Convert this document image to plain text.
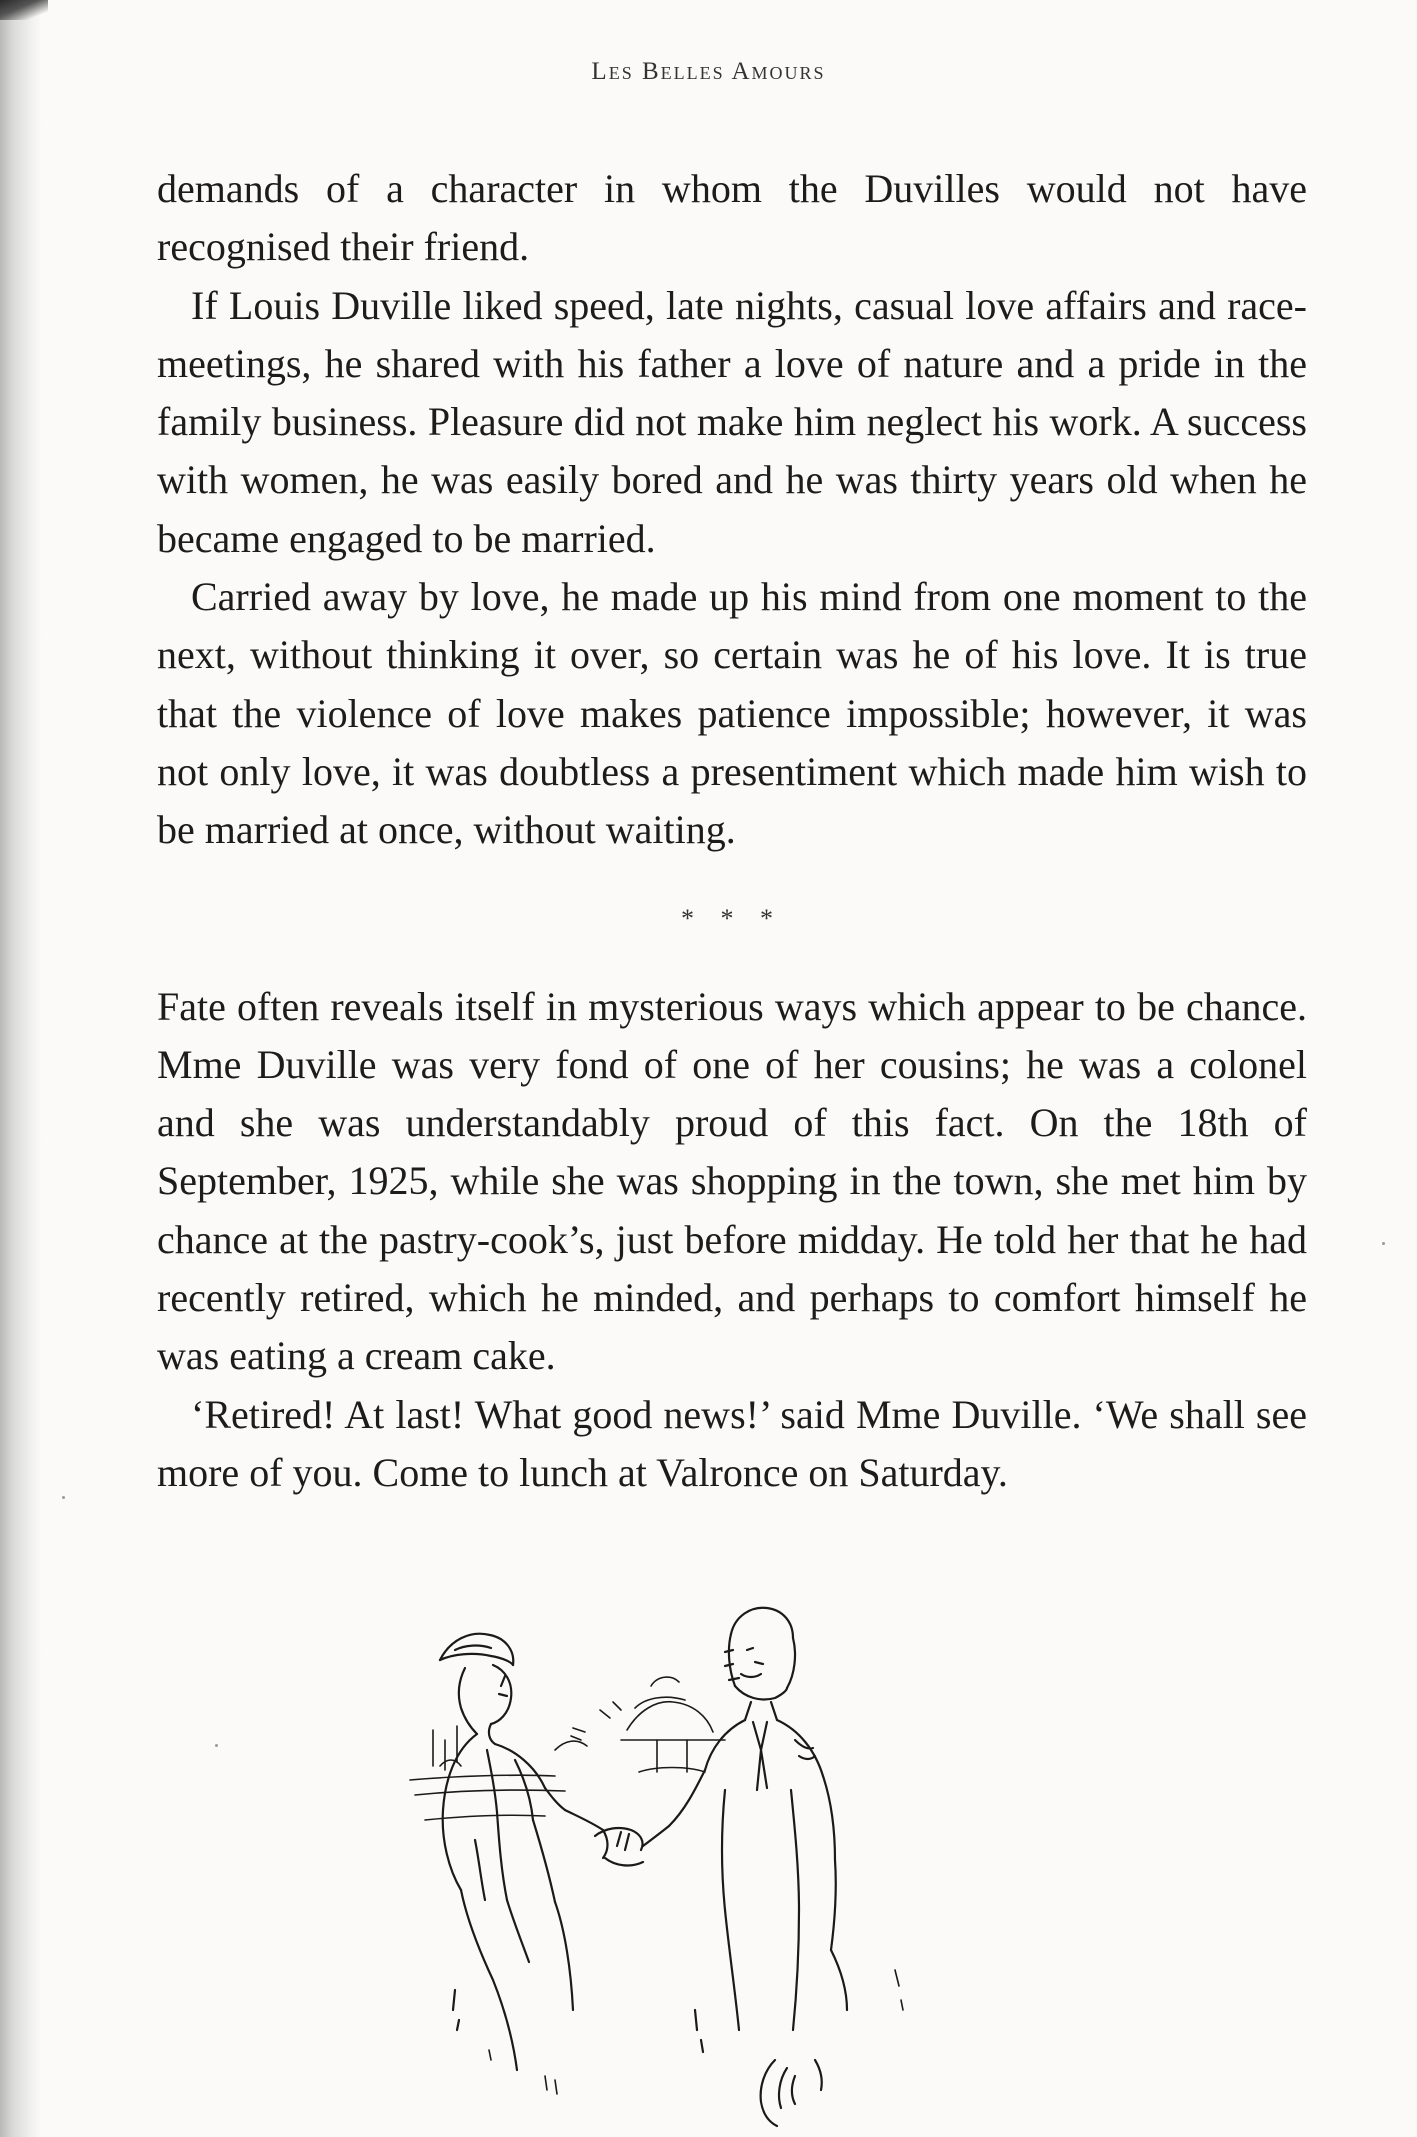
Les Belles Amours

demands of a character in whom the Duvilles would not have recognised their friend.

If Louis Duville liked speed, late nights, casual love affairs and race-meetings, he shared with his father a love of nature and a pride in the family business. Pleasure did not make him neglect his work. A success with women, he was easily bored and he was thirty years old when he became engaged to be married.

Carried away by love, he made up his mind from one moment to the next, without thinking it over, so certain was he of his love. It is true that the violence of love makes patience impossible; however, it was not only love, it was doubtless a presentiment which made him wish to be married at once, without waiting.

* * *

Fate often reveals itself in mysterious ways which appear to be chance. Mme Duville was very fond of one of her cousins; he was a colonel and she was understandably proud of this fact. On the 18th of September, 1925, while she was shopping in the town, she met him by chance at the pastry-cook’s, just before midday. He told her that he had recently retired, which he minded, and perhaps to comfort himself he was eating a cream cake.

‘Retired! At last! What good news!’ said Mme Duville. ‘We shall see more of you. Come to lunch at Valronce on Saturday.
